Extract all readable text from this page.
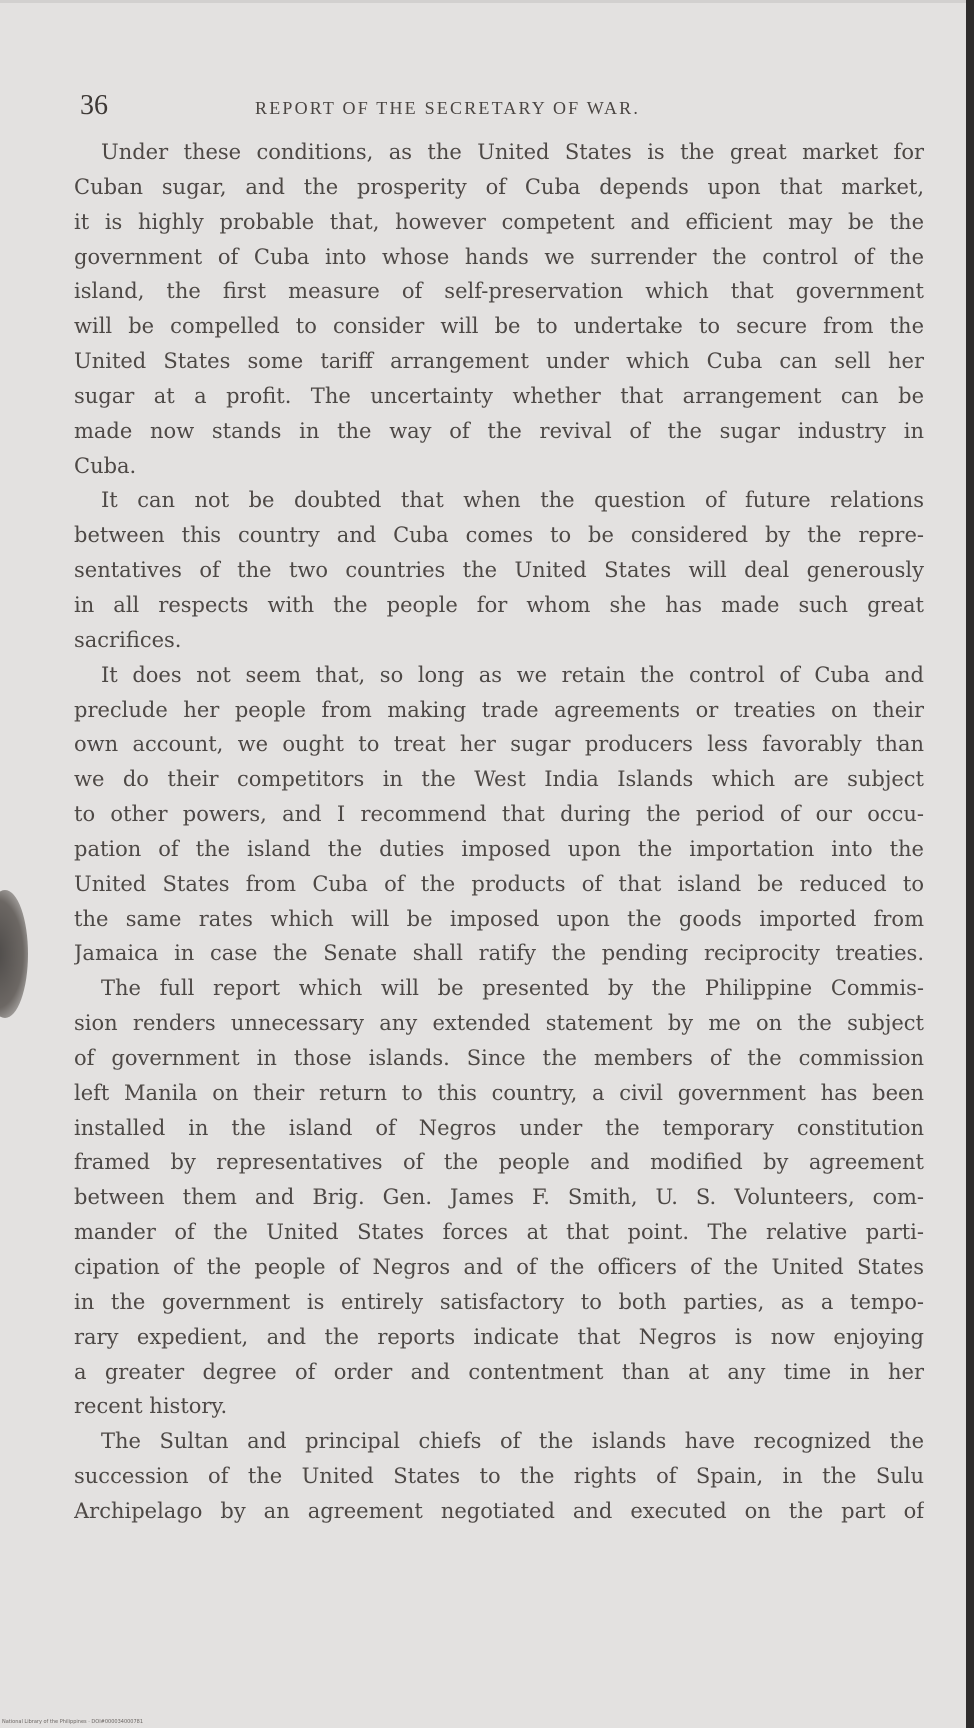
36	REPORT OF THE SECRETARY OF WAR.
Under these conditions, as the United States is the great market for
Cuban sugar, and the prosperity of Cuba depends upon that market,
it is highly probable that, however competent and efficient may be the
government of Cuba into whose hands we surrender the control of the
island, the first measure of self-preservation which that government
will be compelled to consider will be to undertake to secure from the
United States some tariff arrangement under which Cuba can sell her
sugar at a profit. The uncertainty whether that arrangement can be
made now stands in the way of the revival of the sugar industry in
Cuba.
It can not be doubted that when the question of future relations
between this country and Cuba comes to be considered by the repre-
sentatives of the two countries the United States will deal generously
in all respects with the people for whom she has made such great
sacrifices.
It does not seem that, so long as we retain the control of Cuba and
preclude her people from making trade agreements or treaties on their
own account, we ought to treat her sugar producers less favorably than
we do their competitors in the West India Islands which are subject
to other powers, and I recommend that during the period of our occu-
pation of the island the duties imposed upon the importation into the
United States from Cuba of the products of that island be reduced to
the same rates which will be imposed upon the goods imported from
Jamaica in case the Senate shall ratify the pending reciprocity treaties.
The full report which will be presented by the Philippine Commis-
sion renders unnecessary any extended statement by me on the subject
of government in those islands. Since the members of the commission
left Manila on their return to this country, a civil government has been
installed in the island of Negros under the temporary constitution
framed by representatives of the people and modified by agreement
between them and Brig. Gen. James F. Smith, U. S. Volunteers, com-
mander of the United States forces at that point. The relative parti-
cipation of the people of Negros and of the officers of the United States
in the government is entirely satisfactory to both parties, as a tempo-
rary expedient, and the reports indicate that Negros is now enjoying
a greater degree of order and contentment than at any time in her
recent history.
The Sultan and principal chiefs of the islands have recognized the
succession of the United States to the rights of Spain, in the Sulu
Archipelago by an agreement negotiated and executed on the part of
National Library of the Philippines · DOI#000034000781
